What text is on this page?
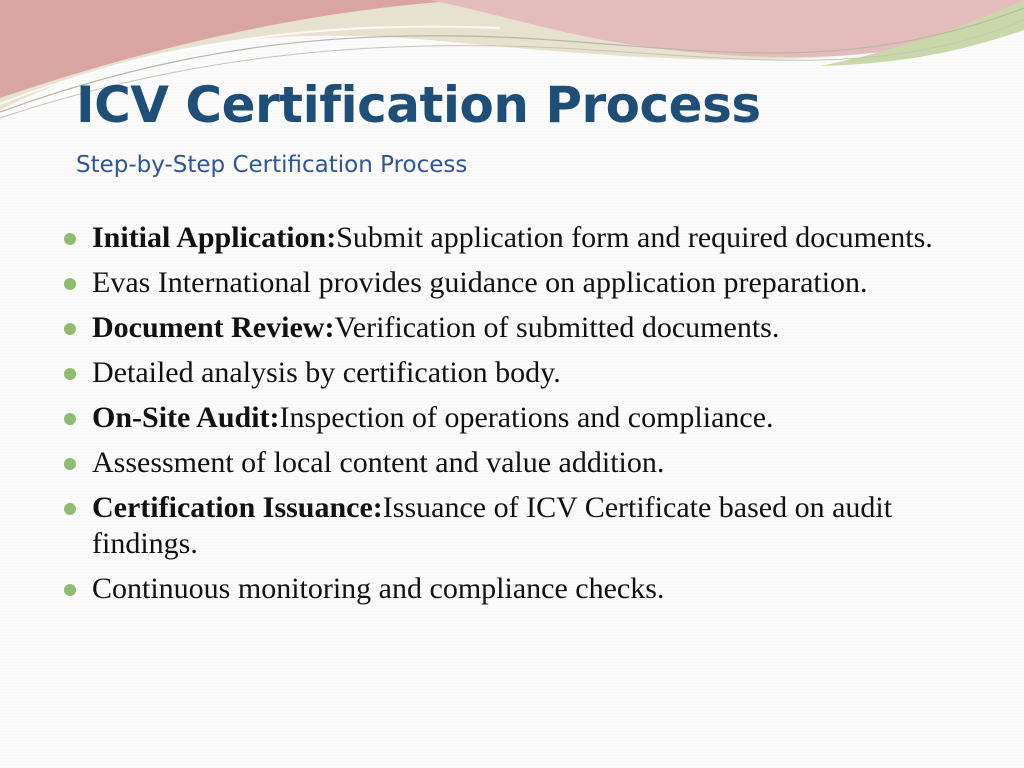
ICV Certification Process

Step-by-Step Certification Process

Initial Application:Submit application form and required documents.
Evas International provides guidance on application preparation.
Document Review:Verification of submitted documents.
Detailed analysis by certification body.
On-Site Audit:Inspection of operations and compliance.
Assessment of local content and value addition.
Certification Issuance:Issuance of ICV Certificate based on audit findings.
Continuous monitoring and compliance checks.
